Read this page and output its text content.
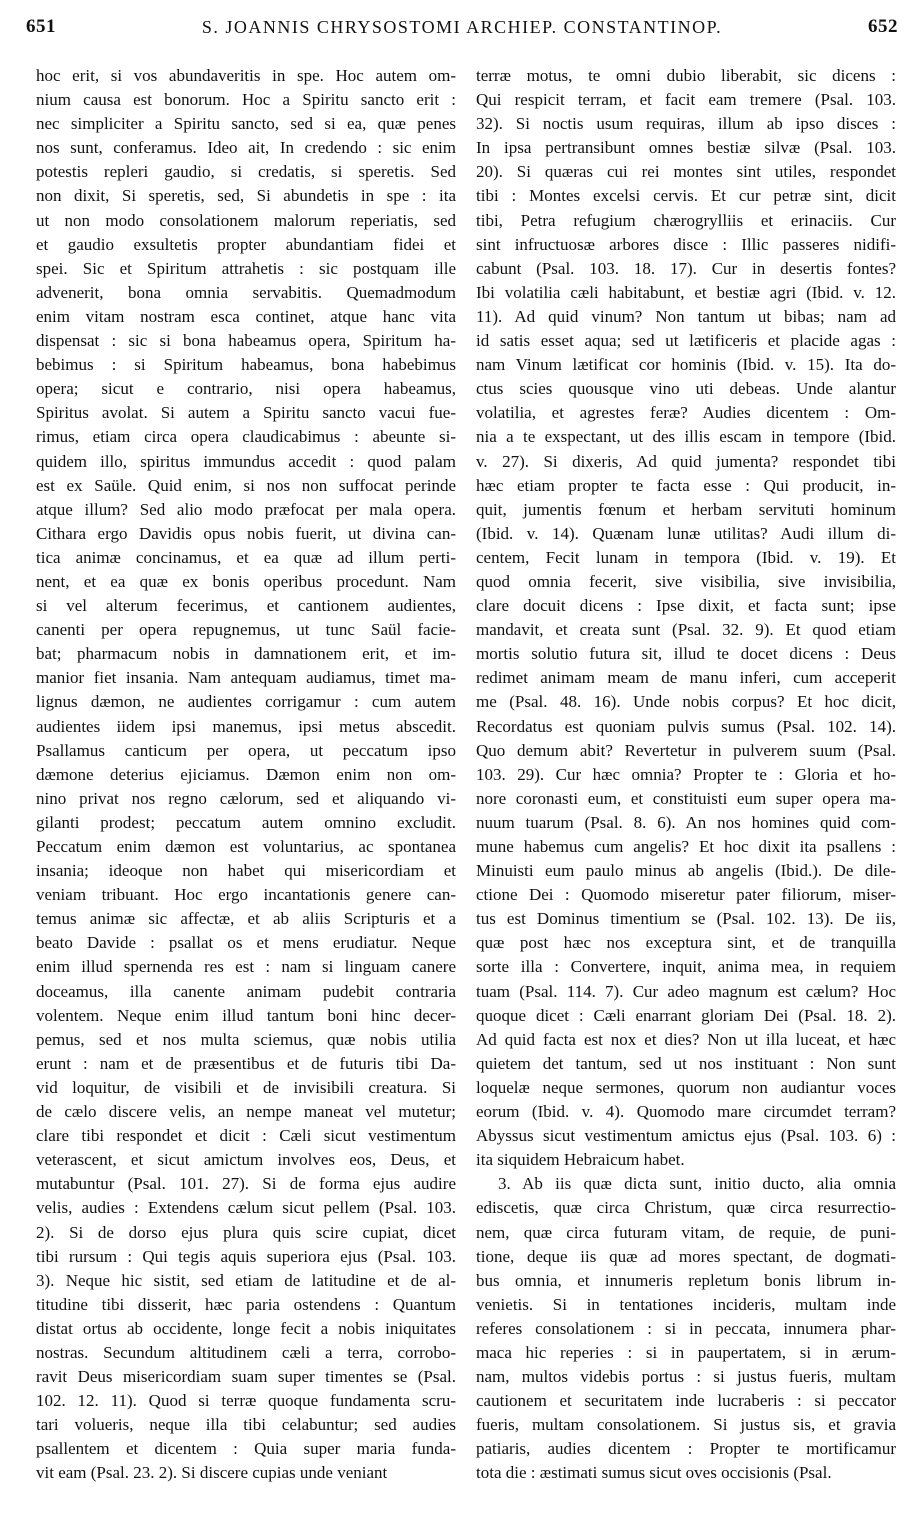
651	S. JOANNIS CHRYSOSTOMI ARCHIEP. CONSTANTINOP.	652
hoc erit, si vos abundaveritis in spe. Hoc autem om-
nium causa est bonorum. Hoc a Spiritu sancto erit :
nec simpliciter a Spiritu sancto, sed si ea, quæ penes
nos sunt, conferamus. Ideo ait, In credendo : sic enim
potestis repleri gaudio, si credatis, si speretis. Sed
non dixit, Si speretis, sed, Si abundetis in spe : ita
ut non modo consolationem malorum reperiatis, sed
et gaudio exsultetis propter abundantiam fidei et
spei. Sic et Spiritum attrahetis : sic postquam ille
advenerit, bona omnia servabitis. Quemadmodum
enim vitam nostram esca continet, atque hanc vita
dispensat : sic si bona habeamus opera, Spiritum ha-
bebimus : si Spiritum habeamus, bona habebimus
opera; sicut e contrario, nisi opera habeamus,
Spiritus avolat. Si autem a Spiritu sancto vacui fue-
rimus, etiam circa opera claudicabimus : abeunte si-
quidem illo, spiritus immundus accedit : quod palam
est ex Saüle. Quid enim, si nos non suffocat perinde
atque illum? Sed alio modo præfocat per mala opera.
Cithara ergo Davidis opus nobis fuerit, ut divina can-
tica animæ concinamus, et ea quæ ad illum perti-
nent, et ea quæ ex bonis operibus procedunt. Nam
si vel alterum fecerimus, et cantionem audientes,
canenti per opera repugnemus, ut tunc Saül facie-
bat; pharmacum nobis in damnationem erit, et im-
manior fiet insania. Nam antequam audiamus, timet ma-
lignus dæmon, ne audientes corrigamur : cum autem
audientes iidem ipsi manemus, ipsi metus abscedit.
Psallamus canticum per opera, ut peccatum ipso
dæmone deterius ejiciamus. Dæmon enim non om-
nino privat nos regno cælorum, sed et aliquando vi-
gilanti prodest; peccatum autem omnino excludit.
Peccatum enim dæmon est voluntarius, ac spontanea
insania; ideoque non habet qui misericordiam et
veniam tribuant. Hoc ergo incantationis genere can-
temus animæ sic affectæ, et ab aliis Scripturis et a
beato Davide : psallat os et mens erudiatur. Neque
enim illud spernenda res est : nam si linguam canere
doceamus, illa canente animam pudebit contraria
volentem. Neque enim illud tantum boni hinc decer-
pemus, sed et nos multa sciemus, quæ nobis utilia
erunt : nam et de præsentibus et de futuris tibi Da-
vid loquitur, de visibili et de invisibili creatura. Si
de cælo discere velis, an nempe maneat vel mutetur;
clare tibi respondet et dicit : Cæli sicut vestimentum
veterascent, et sicut amictum involves eos, Deus, et
mutabuntur (Psal. 101. 27). Si de forma ejus audire
velis, audies : Extendens cælum sicut pellem (Psal. 103.
2). Si de dorso ejus plura quis scire cupiat, dicet
tibi rursum : Qui tegis aquis superiora ejus (Psal. 103.
3). Neque hic sistit, sed etiam de latitudine et de al-
titudine tibi disserit, hæc paria ostendens : Quantum
distat ortus ab occidente, longe fecit a nobis iniquitates
nostras. Secundum altitudinem cæli a terra, corrobo-
ravit Deus misericordiam suam super timentes se (Psal.
102. 12. 11). Quod si terræ quoque fundamenta scru-
tari volueris, neque illa tibi celabuntur; sed audies
psallentem et dicentem : Quia super maria funda-
vit eam (Psal. 23. 2). Si discere cupias unde veniant
terræ motus, te omni dubio liberabit, sic dicens :
Qui respicit terram, et facit eam tremere (Psal. 103.
32). Si noctis usum requiras, illum ab ipso disces :
In ipsa pertransibunt omnes bestiæ silvæ (Psal. 103.
20). Si quæras cui rei montes sint utiles, respondet
tibi : Montes excelsi cervis. Et cur petræ sint, dicit
tibi, Petra refugium chærogrylliis et erinaciis. Cur
sint infructuosæ arbores disce : Illic passeres nidifi-
cabunt (Psal. 103. 18. 17). Cur in desertis fontes?
Ibi volatilia cæli habitabunt, et bestiæ agri (Ibid. v. 12.
11). Ad quid vinum? Non tantum ut bibas; nam ad
id satis esset aqua; sed ut lætificeris et placide agas :
nam Vinum lætificat cor hominis (Ibid. v. 15). Ita do-
ctus scies quousque vino uti debeas. Unde alantur
volatilia, et agrestes feræ? Audies dicentem : Om-
nia a te exspectant, ut des illis escam in tempore (Ibid.
v. 27). Si dixeris, Ad quid jumenta? respondet tibi
hæc etiam propter te facta esse : Qui producit, in-
quit, jumentis fœnum et herbam servituti hominum
(Ibid. v. 14). Quænam lunæ utilitas? Audi illum di-
centem, Fecit lunam in tempora (Ibid. v. 19). Et
quod omnia fecerit, sive visibilia, sive invisibilia,
clare docuit dicens : Ipse dixit, et facta sunt; ipse
mandavit, et creata sunt (Psal. 32. 9). Et quod etiam
mortis solutio futura sit, illud te docet dicens : Deus
redimet animam meam de manu inferi, cum acceperit
me (Psal. 48. 16). Unde nobis corpus? Et hoc dicit,
Recordatus est quoniam pulvis sumus (Psal. 102. 14).
Quo demum abit? Revertetur in pulverem suum (Psal.
103. 29). Cur hæc omnia? Propter te : Gloria et ho-
nore coronasti eum, et constituisti eum super opera ma-
nuum tuarum (Psal. 8. 6). An nos homines quid com-
mune habemus cum angelis? Et hoc dixit ita psallens :
Minuisti eum paulo minus ab angelis (Ibid.). De dile-
ctione Dei : Quomodo miseretur pater filiorum, miser-
tus est Dominus timentium se (Psal. 102. 13). De iis,
quæ post hæc nos exceptura sint, et de tranquilla
sorte illa : Convertere, inquit, anima mea, in requiem
tuam (Psal. 114. 7). Cur adeo magnum est cælum? Hoc
quoque dicet : Cæli enarrant gloriam Dei (Psal. 18. 2).
Ad quid facta est nox et dies? Non ut illa luceat, et hæc
quietem det tantum, sed ut nos instituant : Non sunt
loquelæ neque sermones, quorum non audiantur voces
eorum (Ibid. v. 4). Quomodo mare circumdet terram?
Abyssus sicut vestimentum amictus ejus (Psal. 103. 6) :
ita siquidem Hebraicum habet.
3. Ab iis quæ dicta sunt, initio ducto, alia omnia
ediscetis, quæ circa Christum, quæ circa resurrectio-
nem, quæ circa futuram vitam, de requie, de puni-
tione, deque iis quæ ad mores spectant, de dogmati-
bus omnia, et innumeris repletum bonis librum in-
venietis. Si in tentationes incideris, multam inde
referes consolationem : si in peccata, innumera phar-
maca hic reperies : si in paupertatem, si in ærum-
nam, multos videbis portus : si justus fueris, multam
cautionem et securitatem inde lucraberis : si peccator
fueris, multam consolationem. Si justus sis, et gravia
patiaris, audies dicentem : Propter te mortificamur
tota die : æstimati sumus sicut oves occisionis (Psal.
